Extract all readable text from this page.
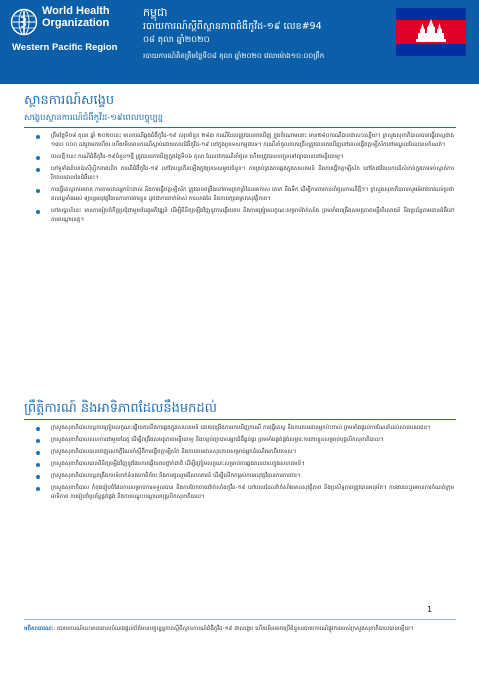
World Health
Organization
Western Pacific Region
កម្ពុជា
របាយការណ៍ស្តីពីស្ថានភាពជំងឺកូវីដ-១៩ លេខ#94
០៨ តុលា ឆ្នាំ២០២០
របាយការណ៍គិតត្រឹមថ្ងៃទី០៨ តុលា ឆ្នាំ២០២០ វេលាម៉ោង១០:០០ព្រឹក
ស្ថានការណ៍សង្ខេប
សង្ខេបស្ថានការណ៍ជំងឺកូវីដ-១៩ពេលបច្ចុប្បន្ន
ត្រឹមថ្ងៃទី០៨ តុលា ឆ្នាំ ២០២០នេះ មានករណីឆ្លងជំងឺកូវីដ-១៩ សរុបចំនួន ២៨៣ ករណីដែលត្រូវបានរកឃើញ ក្នុងចំណោមនោះ មាន២៨០ករណីបានជាសះស្បើយ។ ក្រសួងសុខាភិបាលបានធ្វើតេស្តជាង ១៣០ ០០០ ដងរួចមកហើយ ហើយមិនមានករណីស្លាប់ដោយសារជំងឺកូវីដ-១៩ នៅក្នុងប្រទេសកម្ពុជាទេ។ ករណីនាំចូលភាគច្រើនត្រូវបានរកឃើញនៅពេលធ្វើចត្តាឡីស័កនៅមណ្ឌលដែលបានកំណត់។
ពេលថ្មីៗនេះ ករណីជំងឺកូវីដ-១៩ចំនួន១ថ្មី ត្រូវបានរកឃើញក្នុងថ្ងៃទី០៦ តុលា ដែលជាករណីនាំចូល ហើយត្រូវបានបញ្ជូនទៅព្យាបាលនៅមន្ទីរពេទ្យ។
នៅទូទាំងតំបន់ប៉ាស៊ីហ្វិកខាងលិច ករណីជំងឺកូវីដ-១៩ នៅតែបន្តកើនឡើងក្នុងប្រទេសមួយចំនួន។ ការគ្រប់គ្រងការឆ្លងក្នុងសហគមន៍ និងការធ្វើចត្តាឡីស័ក នៅតែជាវិធានការដ៏សំខាន់ក្នុងការទប់ស្កាត់ការរីករាលដាលនៃជំងឺនេះ។
ការធ្វើតេស្តរកមេរោគ ការតាមដានអ្នកប៉ះពាល់ និងការធ្វើចត្តាឡីស័ក ត្រូវបានពង្រឹងនៅតាមច្រកព្រំដែនអាកាស គោក និងទឹក ដើម្បីការពារការនាំចូលករណីថ្មីៗ។ ក្រសួងសុខាភិបាលសូមអំពាវនាវដល់ប្រជាពលរដ្ឋទាំងអស់ ឲ្យបន្តអនុវត្តវិធានការការពារខ្លួន ដូចជាការពាក់ម៉ាស់ ការលាងដៃ និងការរក្សាគម្លាតសុវត្ថិភាព។
នៅសប្តាហ៍នេះ មានការរៀបចំកិច្ចប្រជុំជាមួយដៃគូអភិវឌ្ឍន៍ ដើម្បីពិនិត្យឡើងវិញនូវការឆ្លើយតប និងការត្រៀមលក្ខណៈសម្រាប់វ៉ាក់សាំង ព្រមទាំងពង្រឹងសមត្ថភាពមន្ទីរពិសោធន៍ និងប្រព័ន្ធតាមដានជំងឺនៅតាមបណ្តាខេត្ត។
ព្រឹត្តិការណ៍ និងអាទិភាពដែលនឹងមកដល់
ក្រសួងសុខាភិបាលបន្តការត្រៀមលក្ខណៈឆ្លើយតបនឹងការឆ្លងក្នុងសហគមន៍ ដោយពង្រឹងការរកឃើញករណី ការធ្វើតេស្ត និងការតាមដានអ្នកប៉ះពាល់ ព្រមទាំងផ្តល់ការណែនាំដល់សាធារណជន។
ក្រសួងសុខាភិបាលសហការជាមួយដៃគូ ដើម្បីពង្រឹងសមត្ថភាពមន្ទីរពេទ្យ និងបន្ទប់ព្យាបាលអ្នកជំងឺធ្ងន់ធ្ងរ ព្រមទាំងផ្គត់ផ្គង់សម្ភារៈការពារខ្លួនសម្រាប់បុគ្គលិកសុខាភិបាល។
ក្រសួងសុខាភិបាលបានចេញសេចក្តីណែនាំស្តីពីការធ្វើចត្តាឡីស័ក និងការតាមដានសុខភាពសម្រាប់អ្នកដំណើរមកពីបរទេស។
ក្រសួងសុខាភិបាលបានពិនិត្យឡើងវិញនូវផែនការឆ្លើយតបថ្នាក់ជាតិ ដើម្បីត្រៀមលក្ខណៈសម្រាប់ការឆ្លងរាលដាលក្នុងសហគមន៍។
ក្រសួងសុខាភិបាលបន្តពង្រឹងការទំនាក់ទំនងហានិភ័យ និងការចូលរួមពីសហគមន៍ ដើម្បីលើកកម្ពស់ការអនុវត្តវិធានការការពារ។
ក្រសួងសុខាភិបាល កំពុងរៀបចំផែនការសម្រាប់ការទទួលបាន និងការចែកចាយវ៉ាក់សាំងកូវីដ-១៩ នៅពេលដែលវ៉ាក់សាំងមានសុវត្ថិភាព និងប្រសិទ្ធភាពត្រូវបានអនុម័ត។ ការងារនេះរួមមានការកំណត់ក្រុមអាទិភាព ការរៀបចំប្រព័ន្ធផ្គត់ផ្គង់ និងការបណ្តុះបណ្តាលបុគ្គលិកសុខាភិបាល។
1
មតិសាធារណៈ: របាយការណ៍នេះមានគោលបំណងផ្តល់ព័ត៌មានបច្ចុប្បន្នភាពស្តីពីស្ថានការណ៍ជំងឺកូវីដ-១៩ ជាសង្ខេប ហើយមិនអាចប្រើជំនួសរបាយការណ៍ផ្លូវការរបស់ក្រសួងសុខាភិបាលបានឡើយ។
